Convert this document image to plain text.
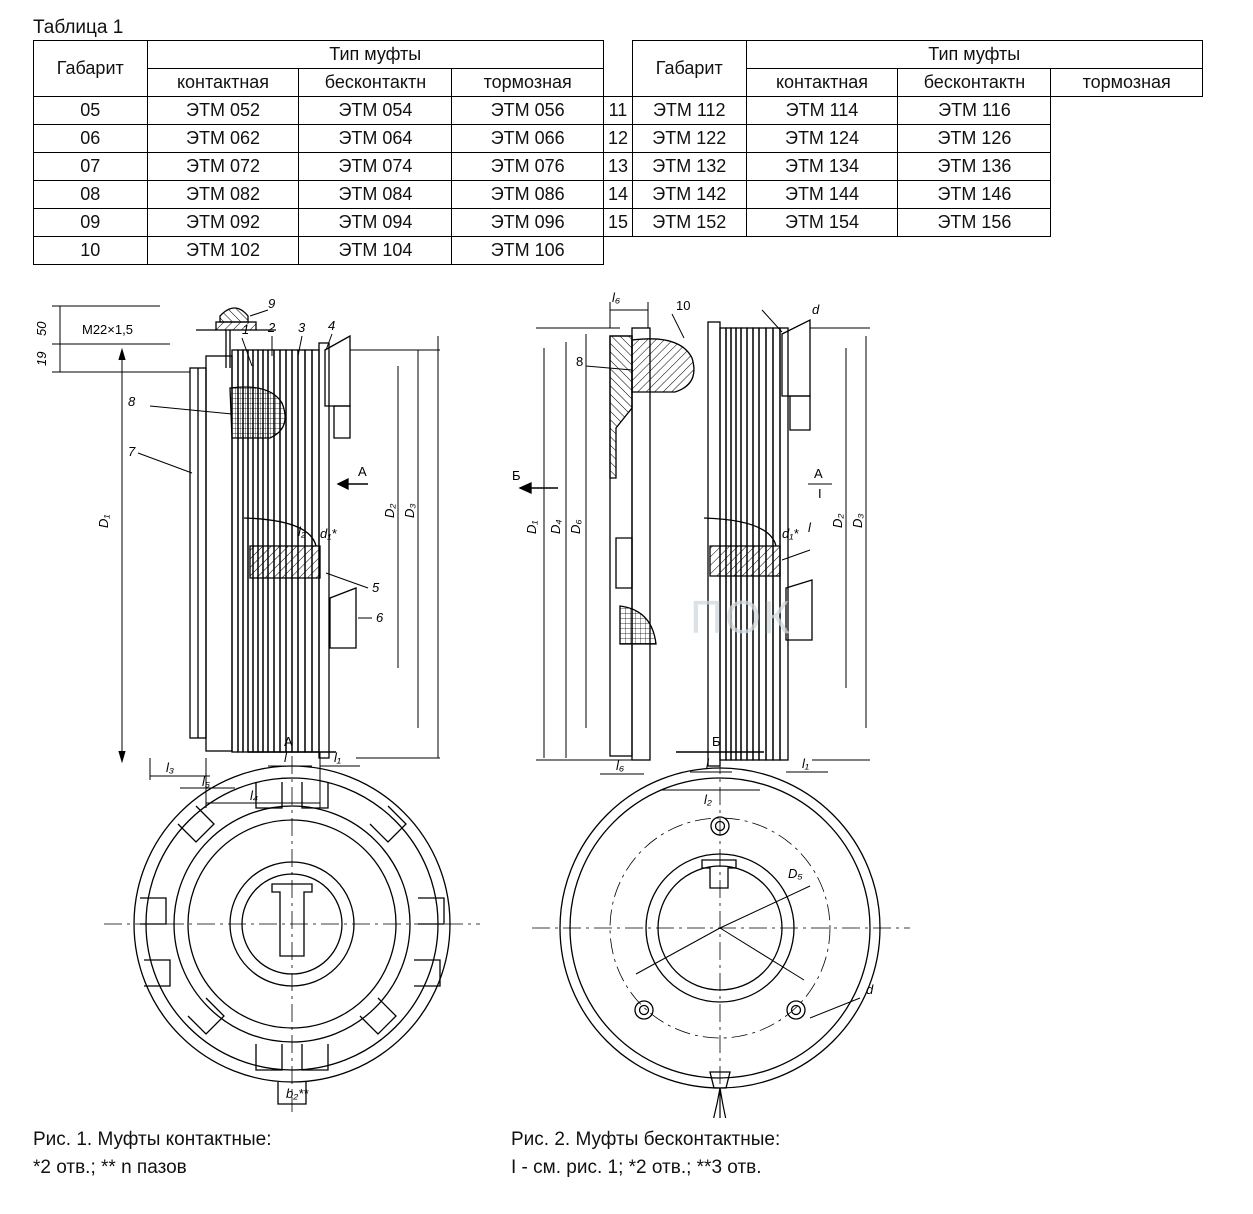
Таблица 1
Габарит	Тип муфты				Габарит	Тип муфты		
	контактная	бесконтактн	тормозная			контактная	бесконтактн	тормозная
05	ЭТМ 052	ЭТМ 054	ЭТМ 056	11	ЭТМ 112	ЭТМ 114	ЭТМ 116	
06	ЭТМ 062	ЭТМ 064	ЭТМ 066	12	ЭТМ 122	ЭТМ 124	ЭТМ 126	
07	ЭТМ 072	ЭТМ 074	ЭТМ 076	13	ЭТМ 132	ЭТМ 134	ЭТМ 136	
08	ЭТМ 082	ЭТМ 084	ЭТМ 086	14	ЭТМ 142	ЭТМ 144	ЭТМ 146	
09	ЭТМ 092	ЭТМ 094	ЭТМ 096	15	ЭТМ 152	ЭТМ 154	ЭТМ 156	
10	ЭТМ 102	ЭТМ 104	ЭТМ 106					
M22×1,5
50
19
9
1 2 3 4
8
7
5
6
D₁
D₂ D₃
d₁*
l₂
l	l₁
l₃
l₅
l₄
А
b₂**
А
l₆
10
8
d
D₁ D₄ D₆	D₂ D₃
d₁* l
l₆	l
l₂
l₁
Б	А
I
Б
D₅
d
ПОК
Рис. 1. Муфты контактные:
*2 отв.; ** n пазов
Рис. 2. Муфты бесконтактные:
I - см. рис. 1; *2 отв.; **3 отв.
